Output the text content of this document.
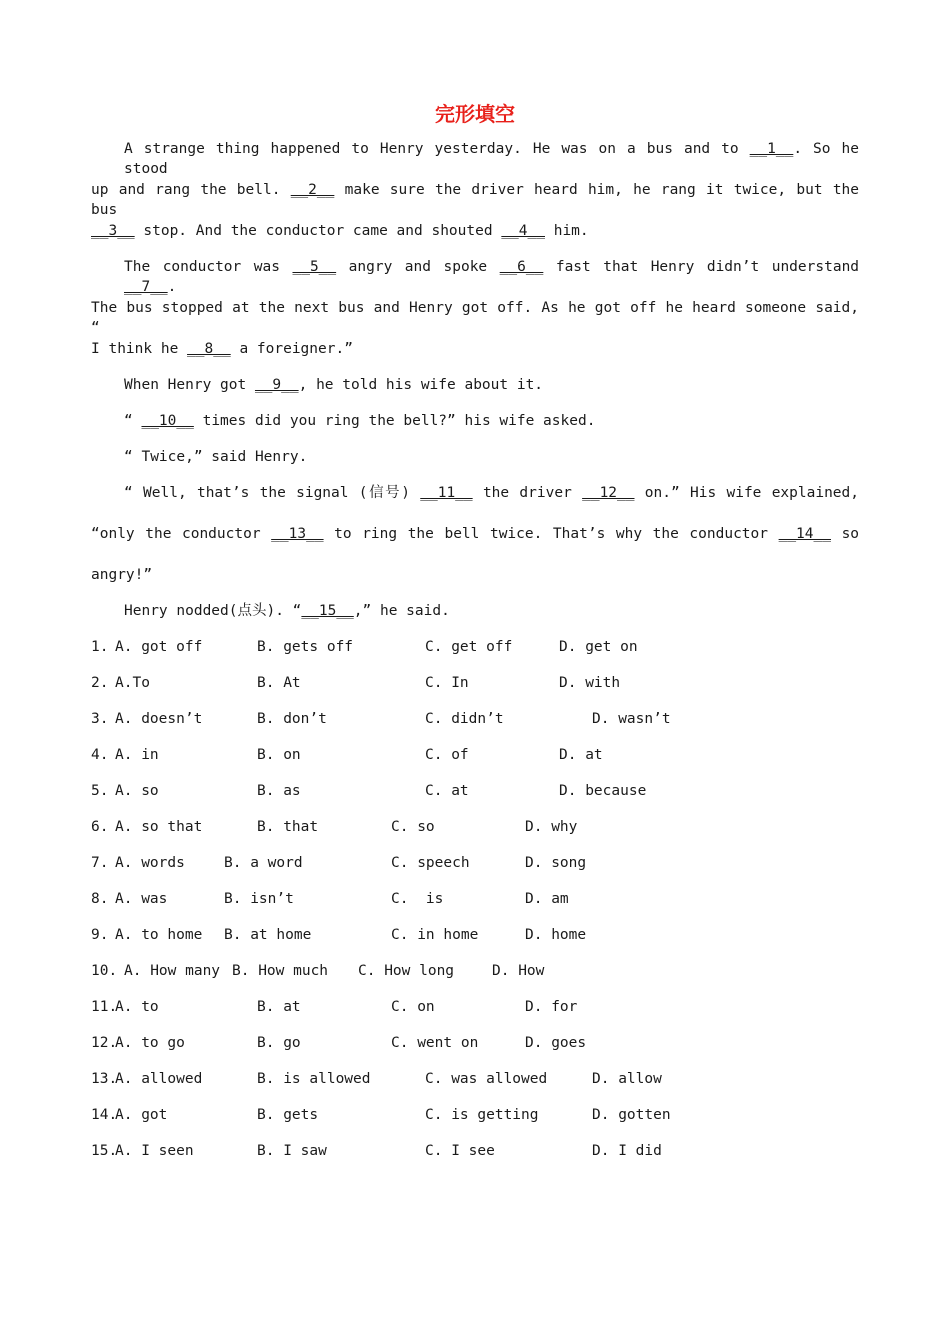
完形填空
A strange thing happened to Henry yesterday. He was on a bus and to __1__. So he stood
up and rang the bell. __2__ make sure the driver heard him, he rang it twice, but the bus
__3__ stop. And the conductor came and shouted __4__ him.
The conductor was __5__ angry and spoke __6__ fast that Henry didn’t understand __7__.
The bus stopped at the next bus and Henry got off. As he got off he heard someone said, “
I think he __8__ a foreigner.”
When Henry got __9__, he told his wife about it.
“ __10__ times did you ring the bell?” his wife asked.
“ Twice,” said Henry.
“ Well, that’s the signal (信号) __11__ the driver __12__ on.” His wife explained,
“only the conductor __13__ to ring the bell twice. That’s why the conductor __14__ so
angry!”
Henry nodded(点头). “__15__,” he said.
1. A. got off	B. gets off	C. get off	D. get on
2. A.To	B. At	C. In	D. with
3. A. doesn’t	B. don’t	C. didn’t	D. wasn’t
4. A. in	B. on	C. of	D. at
5. A. so	B. as	C. at	D. because
6. A. so that	B. that	C. so	D. why
7. A. words	B. a word	C. speech	D. song
8. A. was	B. isn’t	C.  is	D. am
9. A. to home B. at home	C. in home	D. home
10. A. How many B. How much C. How long	D. How
11.
A. to	B. at	C. on	D. for
12.
A. to go	B. go	C. went on	D. goes
13.
A. allowed	B. is allowed	C. was allowed	D. allow
14.
A. got	B. gets	C. is getting	D. gotten
15.
A. I seen	B. I saw	C. I see	D. I did
